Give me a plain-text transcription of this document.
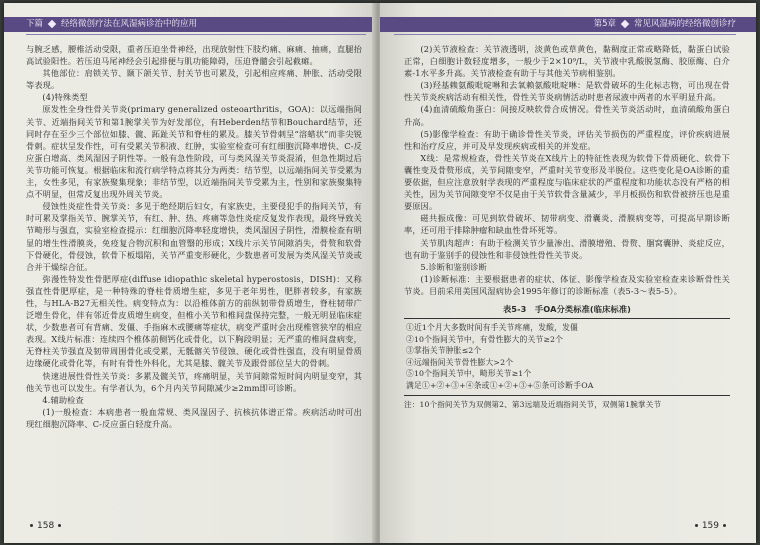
下篇 经络微创疗法在风湿病诊治中的应用

与腕乏感，腰椎活动受限，重者压迫坐骨神经，出现放射性下肢灼痛、麻痛、抽痛，直腿抬高试验阳性。若压迫马尾神经会引起排便与肌功能障碍，压迫脊髓会引起截瘫。

其他部位：肩锁关节、颞下颌关节、肘关节也可累及，引起相应疼痛、肿胀、活动受限等表现。

(4)特殊类型

原发性全身性骨关节炎(primary generalized osteoarthritis，GOA)：以远端指间关节、近端指间关节和第1腕掌关节为好发部位，有Heberden结节和Bouchard结节，还同时存在至少三个部位如膝、髋、跖趾关节和脊柱的累及。膝关节骨刺呈“溶蜡状”而非尖锐骨刺。症状呈发作性，可有受累关节积液、红肿，实验室检查可有红细胞沉降率增快、C-反应蛋白增高、类风湿因子阴性等。一般有急性阶段，可与类风湿关节炎混淆，但急性期过后关节功能可恢复。根据临床和流行病学特点将其分为两类：结节型，以远端指间关节受累为主，女性多见，有家族聚集现象；非结节型，以近端指间关节受累为主，性别和家族聚集特点不明显，但常反复出现外周关节炎。

侵蚀性炎症性骨关节炎：多见于绝经期后妇女，有家族史，主要侵犯手的指间关节，有时可累及掌指关节、腕掌关节，有红、肿、热、疼痛等急性炎症反复发作表现，最终导致关节畸形与强直，实验室检查提示：红细胞沉降率轻度增快，类风湿因子阴性，滑膜检查有明显的增生性滑膜炎，免疫复合物沉积和血管翳的形成；X线片示关节间隙消失，骨赘和软骨下骨硬化，骨侵蚀，软骨下板塌陷，关节严重变形硬化，少数患者可发展为类风湿关节炎或合并干燥综合征。

弥漫性特发性骨肥厚症(diffuse idiopathic skeletal hyperostosis，DISH)：又称强直性骨肥厚症，是一种特殊的脊柱骨质增生症，多见于老年男性，肥胖者较多，有家族性，与HLA-B27无相关性。病变特点为：以沿椎体前方的前纵韧带骨质增生，脊柱韧带广泛增生骨化，伴有邻近骨皮质增生病变，但椎小关节和椎间盘保持完整，一般无明显临床症状，少数患者可有背痛、发僵、手指麻木或腰痛等症状，病变严重时会出现椎管狭窄的相应表现。X线片标准：连续四个椎体前侧钙化或骨化，以下胸段明显；无严重的椎间盘病变，无脊柱关节强直及韧带周围骨化或受累，无骶髂关节侵蚀、硬化或骨性强直，没有明显骨质边缘硬化或骨化等，有时有骨性外科化，尤其是膝、髋关节及跟骨部位呈大的骨刺。

快速进展性骨性关节炎：多累及髋关节，疼痛明显，关节间隙常短时间内明显变窄，其他关节也可以发生。有学者认为，6个月内关节间隙减少≥2mm即可诊断。

4.辅助检查

(1)一般检查：本病患者一般血常规、类风湿因子、抗核抗体谱正常。疾病活动时可出现红细胞沉降率、C-反应蛋白轻度升高。

158
第5章 常见风湿病的经络微创诊疗

(2)关节液检查：关节液透明，淡黄色或草黄色，黏稠度正常或略降低，黏蛋白试验正常，白细胞计数轻度增多，一般少于2×10⁹/L，关节液中乳酸脱氢酶、胶原酶、白介素-1水平多升高。关节液检查有助于与其他关节病相鉴别。

(3)羟基赖氨酸吡啶啉和去氧赖氨酸吡啶啉：是软骨破坏的生化标志物，可出现在骨性关节炎疾病活动有相关性，骨性关节炎病情活动时患者尿液中两者的水平明显升高。

(4)血清硫酸角蛋白：间接反映软骨合成情况。骨性关节炎活动时，血清硫酸角蛋白升高。

(5)影像学检查：有助于确诊骨性关节炎，评估关节损伤的严重程度，评价疾病进展性和治疗反应，并可及早发现疾病或相关的并发症。

X线：是常规检查，骨性关节炎在X线片上的特征性表现为软骨下骨质硬化、软骨下囊性变及骨赘形成，关节间隙变窄，严重时关节变形及半脱位。这些变化是OA诊断的重要依据，但应注意放射学表现的严重程度与临床症状的严重程度和功能状态没有严格的相关性，因为关节间隙变窄不仅是由于关节软骨含量减少，半月板损伤和软骨被挤压也是重要原因。

磁共振成像：可见到软骨破坏、韧带病变、滑囊炎、滑膜病变等，可提高早期诊断率，还可用于排除肿瘤和缺血性骨坏死等。

关节肌肉超声：有助于检测关节少量渗出、滑膜增殖、骨赘、腘窝囊肿、炎症反应，也有助于鉴别手的侵蚀性和非侵蚀性骨性关节炎。

5.诊断和鉴别诊断

(1)诊断标准：主要根据患者的症状、体征、影像学检查及实验室检查来诊断骨性关节炎。目前采用美国风湿病协会1995年修订的诊断标准（表5-3～表5-5）。

表5-3　手OA分类标准(临床标准)
①近1个月大多数时间有手关节疼痛，发酸，发僵
②10个指间关节中，有骨性膨大的关节≥2个
③掌指关节肿胀≤2个
④远端指间关节骨性膨大>2个
⑤10个指间关节中，畸形关节≥1个
满足①+②+③+④条或①+②+③+⑤条可诊断手OA
注：10个指间关节为双侧第2、第3远端及近端指间关节，双侧第1腕掌关节
159
